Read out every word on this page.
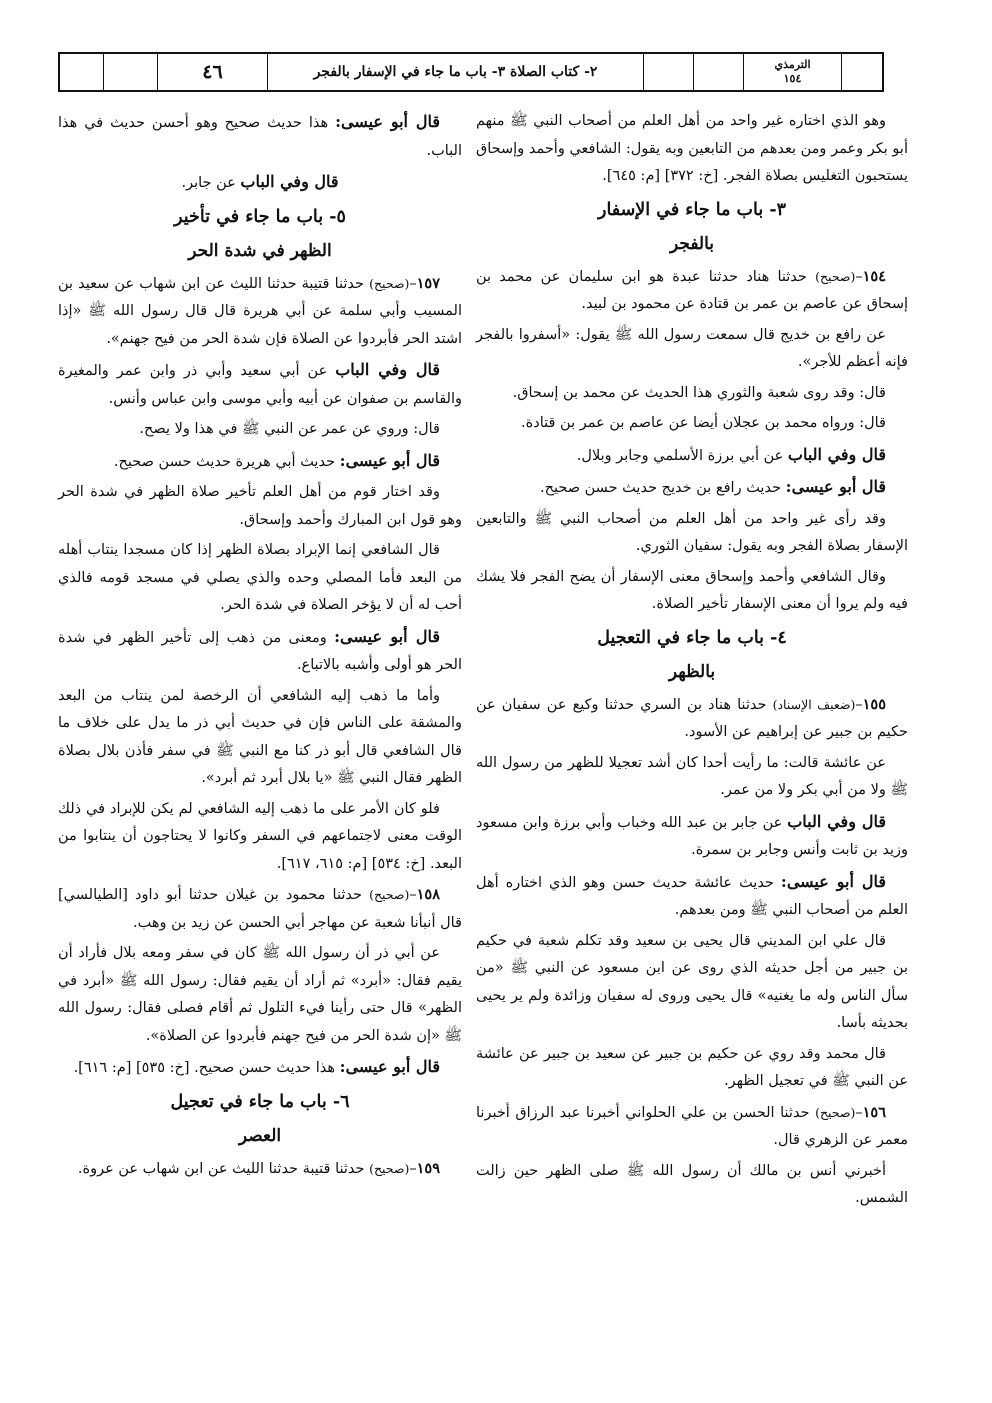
٤٦	٢- كتاب الصلاة ٣- باب ما جاء في الإسفار بالفجر	الترمذي
١٥٤

وهو الذي اختاره غير واحد من أهل العلم من أصحاب النبي ﷺ منهم أبو بكر وعمر ومن بعدهم من التابعين وبه يقول: الشافعي وأحمد وإسحاق يستحبون التغليس بصلاة الفجر. [خ: ٣٧٢] [م: ٦٤٥].

٣- باب ما جاء في الإسفار
بالفجر

١٥٤–(صحيح) حدثنا هناد حدثنا عبدة هو ابن سليمان عن محمد بن إسحاق عن عاصم بن عمر بن قتادة عن محمود بن لبيد.

عن رافع بن خديج قال سمعت رسول الله ﷺ يقول: «أسفروا بالفجر فإنه أعظم للأجر».

قال: وقد روى شعبة والثوري هذا الحديث عن محمد بن إسحاق.

قال: ورواه محمد بن عجلان أيضا عن عاصم بن عمر بن قتادة.

قال وفي الباب عن أبي برزة الأسلمي وجابر وبلال.

قال أبو عيسى: حديث رافع بن خديج حديث حسن صحيح.

وقد رأى غير واحد من أهل العلم من أصحاب النبي ﷺ والتابعين الإسفار بصلاة الفجر وبه يقول: سفيان الثوري.

وقال الشافعي وأحمد وإسحاق معنى الإسفار أن يضح الفجر فلا يشك فيه ولم يروا أن معنى الإسفار تأخير الصلاة.

٤- باب ما جاء في التعجيل
بالظهر

١٥٥–(ضعيف الإسناد) حدثنا هناد بن السري حدثنا وكيع عن سفيان عن حكيم بن جبير عن إبراهيم عن الأسود.

عن عائشة قالت: ما رأيت أحدا كان أشد تعجيلا للظهر من رسول الله ﷺ ولا من أبي بكر ولا من عمر.

قال وفي الباب عن جابر بن عبد الله وخباب وأبي برزة وابن مسعود وزيد بن ثابت وأنس وجابر بن سمرة.

قال أبو عيسى: حديث عائشة حديث حسن وهو الذي اختاره أهل العلم من أصحاب النبي ﷺ ومن بعدهم.

قال علي ابن المديني قال يحيى بن سعيد وقد تكلم شعبة في حكيم بن جبير من أجل حديثه الذي روى عن ابن مسعود عن النبي ﷺ «من سأل الناس وله ما يغنيه» قال يحيى وروى له سفيان وزائدة ولم ير يحيى بحديثه بأسا.

قال محمد وقد روي عن حكيم بن جبير عن سعيد بن جبير عن عائشة عن النبي ﷺ في تعجيل الظهر.

١٥٦–(صحيح) حدثنا الحسن بن علي الحلواني أخبرنا عبد الرزاق أخبرنا معمر عن الزهري قال.

أخبرني أنس بن مالك أن رسول الله ﷺ صلى الظهر حين زالت الشمس.

قال أبو عيسى: هذا حديث صحيح وهو أحسن حديث في هذا الباب.

قال وفي الباب عن جابر.

٥- باب ما جاء في تأخير
الظهر في شدة الحر

١٥٧–(صحيح) حدثنا قتيبة حدثنا الليث عن ابن شهاب عن سعيد بن المسيب وأبي سلمة عن أبي هريرة قال قال رسول الله ﷺ «إذا اشتد الحر فأبردوا عن الصلاة فإن شدة الحر من فيح جهنم».

قال وفي الباب عن أبي سعيد وأبي ذر وابن عمر والمغيرة والقاسم بن صفوان عن أبيه وأبي موسى وابن عباس وأنس.

قال: وروي عن عمر عن النبي ﷺ في هذا ولا يصح.

قال أبو عيسى: حديث أبي هريرة حديث حسن صحيح.

وقد اختار قوم من أهل العلم تأخير صلاة الظهر في شدة الحر وهو قول ابن المبارك وأحمد وإسحاق.

قال الشافعي إنما الإبراد بصلاة الظهر إذا كان مسجدا ينتاب أهله من البعد فأما المصلي وحده والذي يصلي في مسجد قومه فالذي أحب له أن لا يؤخر الصلاة في شدة الحر.

قال أبو عيسى: ومعنى من ذهب إلى تأخير الظهر في شدة الحر هو أولى وأشبه بالاتباع.

وأما ما ذهب إليه الشافعي أن الرخصة لمن ينتاب من البعد والمشقة على الناس فإن في حديث أبي ذر ما يدل على خلاف ما قال الشافعي قال أبو ذر كنا مع النبي ﷺ في سفر فأذن بلال بصلاة الظهر فقال النبي ﷺ «يا بلال أبرد ثم أبرد».

فلو كان الأمر على ما ذهب إليه الشافعي لم يكن للإبراد في ذلك الوقت معنى لاجتماعهم في السفر وكانوا لا يحتاجون أن ينتابوا من البعد. [خ: ٥٣٤] [م: ٦١٥، ٦١٧].

١٥٨–(صحيح) حدثنا محمود بن غيلان حدثنا أبو داود [الطيالسي] قال أنبأنا شعبة عن مهاجر أبي الحسن عن زيد بن وهب.

عن أبي ذر أن رسول الله ﷺ كان في سفر ومعه بلال فأراد أن يقيم فقال: «أبرد» ثم أراد أن يقيم فقال: رسول الله ﷺ «أبرد في الظهر» قال حتى رأينا فيء التلول ثم أقام فصلى فقال: رسول الله ﷺ «إن شدة الحر من فيح جهنم فأبردوا عن الصلاة».

قال أبو عيسى: هذا حديث حسن صحيح. [خ: ٥٣٥] [م: ٦١٦].

٦- باب ما جاء في تعجيل
العصر

١٥٩–(صحيح) حدثنا قتيبة حدثنا الليث عن ابن شهاب عن عروة.
